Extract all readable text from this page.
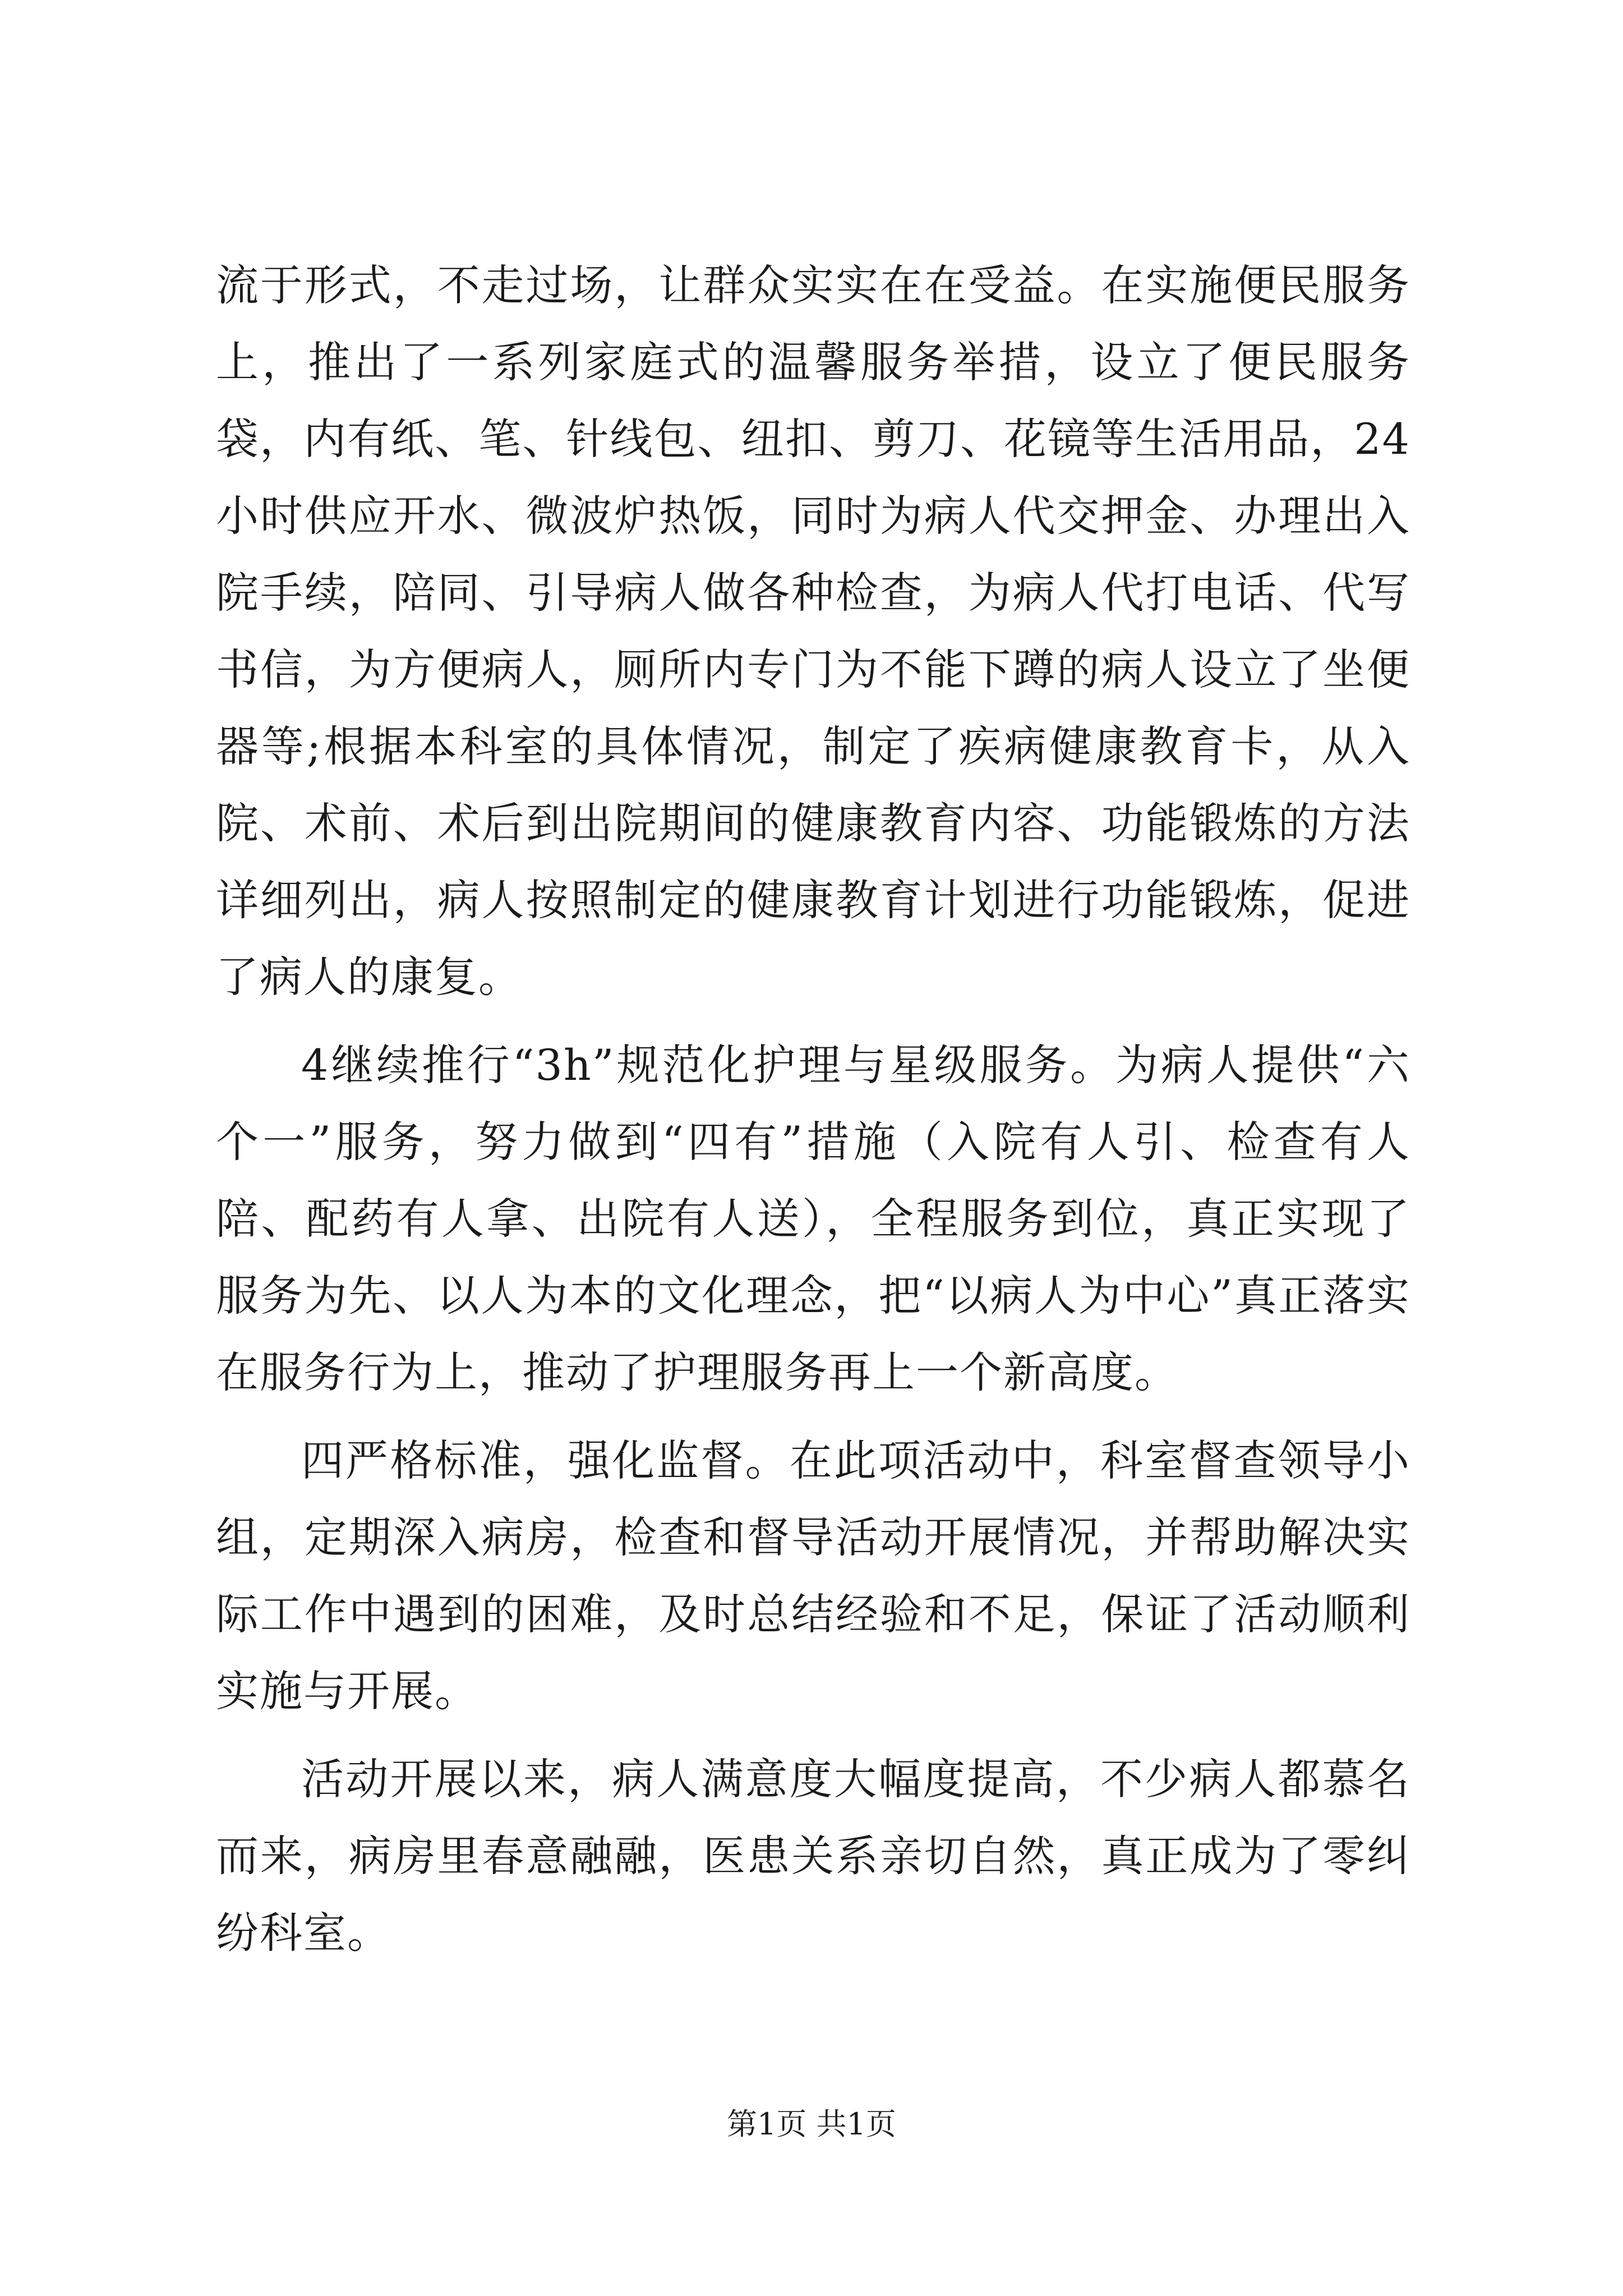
流于形式，不走过场，让群众实实在在受益。在实施便民服务上，推出了一系列家庭式的温馨服务举措，设立了便民服务袋，内有纸、笔、针线包、纽扣、剪刀、花镜等生活用品，24小时供应开水、微波炉热饭，同时为病人代交押金、办理出入院手续，陪同、引导病人做各种检查，为病人代打电话、代写书信，为方便病人，厕所内专门为不能下蹲的病人设立了坐便器等;根据本科室的具体情况，制定了疾病健康教育卡，从入院、术前、术后到出院期间的健康教育内容、功能锻炼的方法详细列出，病人按照制定的健康教育计划进行功能锻炼，促进了病人的康复。

4继续推行“3h”规范化护理与星级服务。为病人提供“六个一”服务，努力做到“四有”措施（入院有人引、检查有人陪、配药有人拿、出院有人送），全程服务到位，真正实现了服务为先、以人为本的文化理念，把“以病人为中心”真正落实在服务行为上，推动了护理服务再上一个新高度。

四严格标准，强化监督。在此项活动中，科室督查领导小组，定期深入病房，检查和督导活动开展情况，并帮助解决实际工作中遇到的困难，及时总结经验和不足，保证了活动顺利实施与开展。

活动开展以来，病人满意度大幅度提高，不少病人都慕名而来，病房里春意融融，医患关系亲切自然，真正成为了零纠纷科室。

第1页 共1页
